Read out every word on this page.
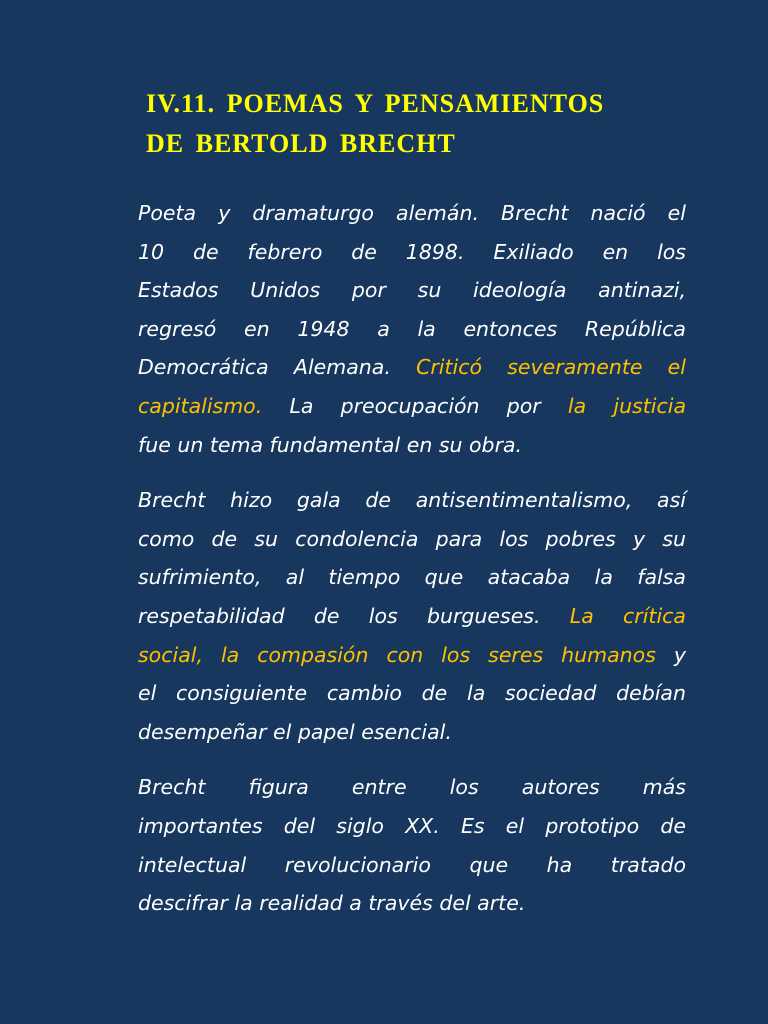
IV.11. POEMAS Y PENSAMIENTOS
DE BERTOLD BRECHT

Poeta y dramaturgo alemán. Brecht nació el
10 de febrero de 1898. Exiliado en los
Estados Unidos por su ideología antinazi,
regresó en 1948 a la entonces República
Democrática Alemana. Criticó severamente el
capitalismo. La preocupación por la justicia
fue un tema fundamental en su obra.

Brecht hizo gala de antisentimentalismo, así
como de su condolencia para los pobres y su
sufrimiento, al tiempo que atacaba la falsa
respetabilidad de los burgueses. La crítica
social, la compasión con los seres humanos y
el consiguiente cambio de la sociedad debían
desempeñar el papel esencial.

Brecht figura entre los autores más
importantes del siglo XX. Es el prototipo de
intelectual revolucionario que ha tratado
descifrar la realidad a través del arte.
